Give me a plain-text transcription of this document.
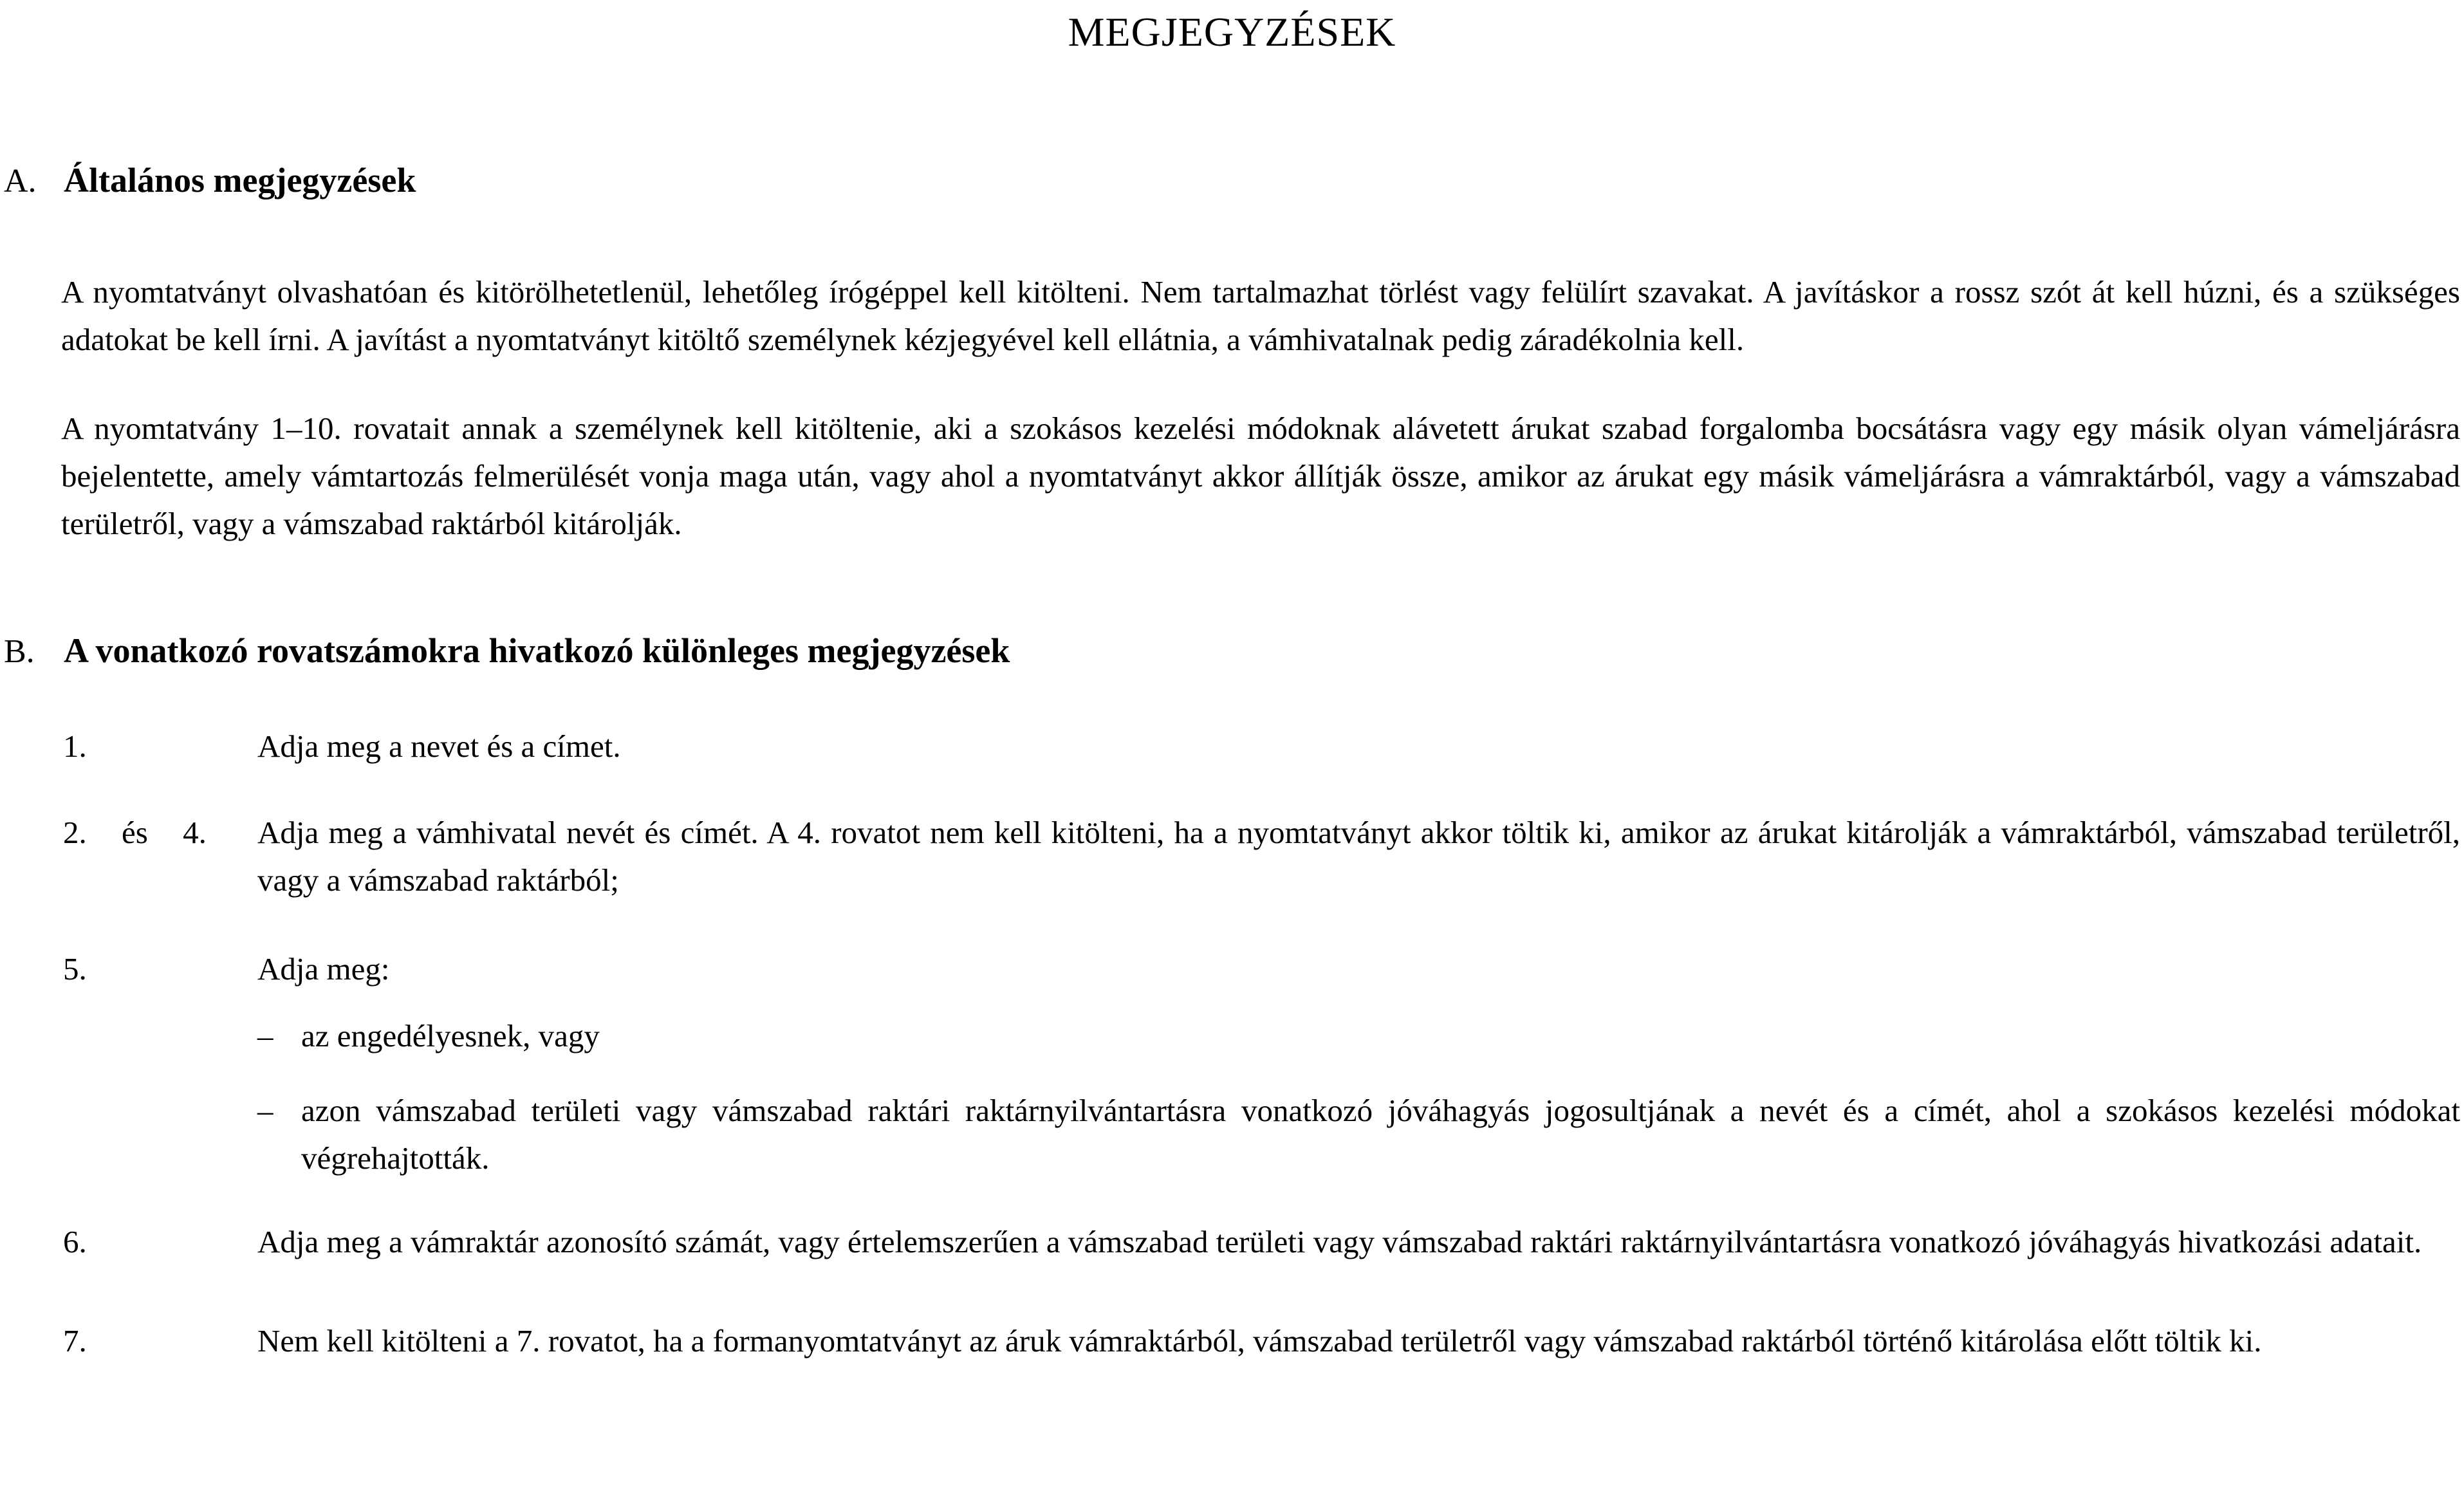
MEGJEGYZÉSEK
A. Általános megjegyzések

A nyomtatványt olvashatóan és kitörölhetetlenül, lehetőleg írógéppel kell kitölteni. Nem tartalmazhat törlést vagy felülírt szavakat. A javításkor a rossz szót át kell húzni, és a szükséges adatokat be kell írni. A javítást a nyomtatványt kitöltő személynek kézjegyével kell ellátnia, a vámhivatalnak pedig záradékolnia kell.

A nyomtatvány 1–10. rovatait annak a személynek kell kitöltenie, aki a szokásos kezelési módoknak alávetett árukat szabad forgalomba bocsátásra vagy egy másik olyan vámeljárásra bejelentette, amely vámtartozás felmerülését vonja maga után, vagy ahol a nyomtatványt akkor állítják össze, amikor az árukat egy másik vámeljárásra a vámraktárból, vagy a vámszabad területről, vagy a vámszabad raktárból kitárolják.

B. A vonatkozó rovatszámokra hivatkozó különleges megjegyzések
1.	Adja meg a nevet és a címet.
2. és 4.	Adja meg a vámhivatal nevét és címét. A 4. rovatot nem kell kitölteni, ha a nyomtatványt akkor töltik ki, amikor az árukat kitárolják a vámraktárból, vámszabad területről, vagy a vámszabad raktárból;
5.	Adja meg:
– az engedélyesnek, vagy
– azon vámszabad területi vagy vámszabad raktári raktárnyilvántartásra vonatkozó jóváhagyás jogosultjának a nevét és a címét, ahol a szokásos kezelési módokat végrehajtották.
6.	Adja meg a vámraktár azonosító számát, vagy értelemszerűen a vámszabad területi vagy vámszabad raktári raktárnyilvántartásra vonatkozó jóváhagyás hivatkozási adatait.
7.	Nem kell kitölteni a 7. rovatot, ha a formanyomtatványt az áruk vámraktárból, vámszabad területről vagy vámszabad raktárból történő kitárolása előtt töltik ki.
